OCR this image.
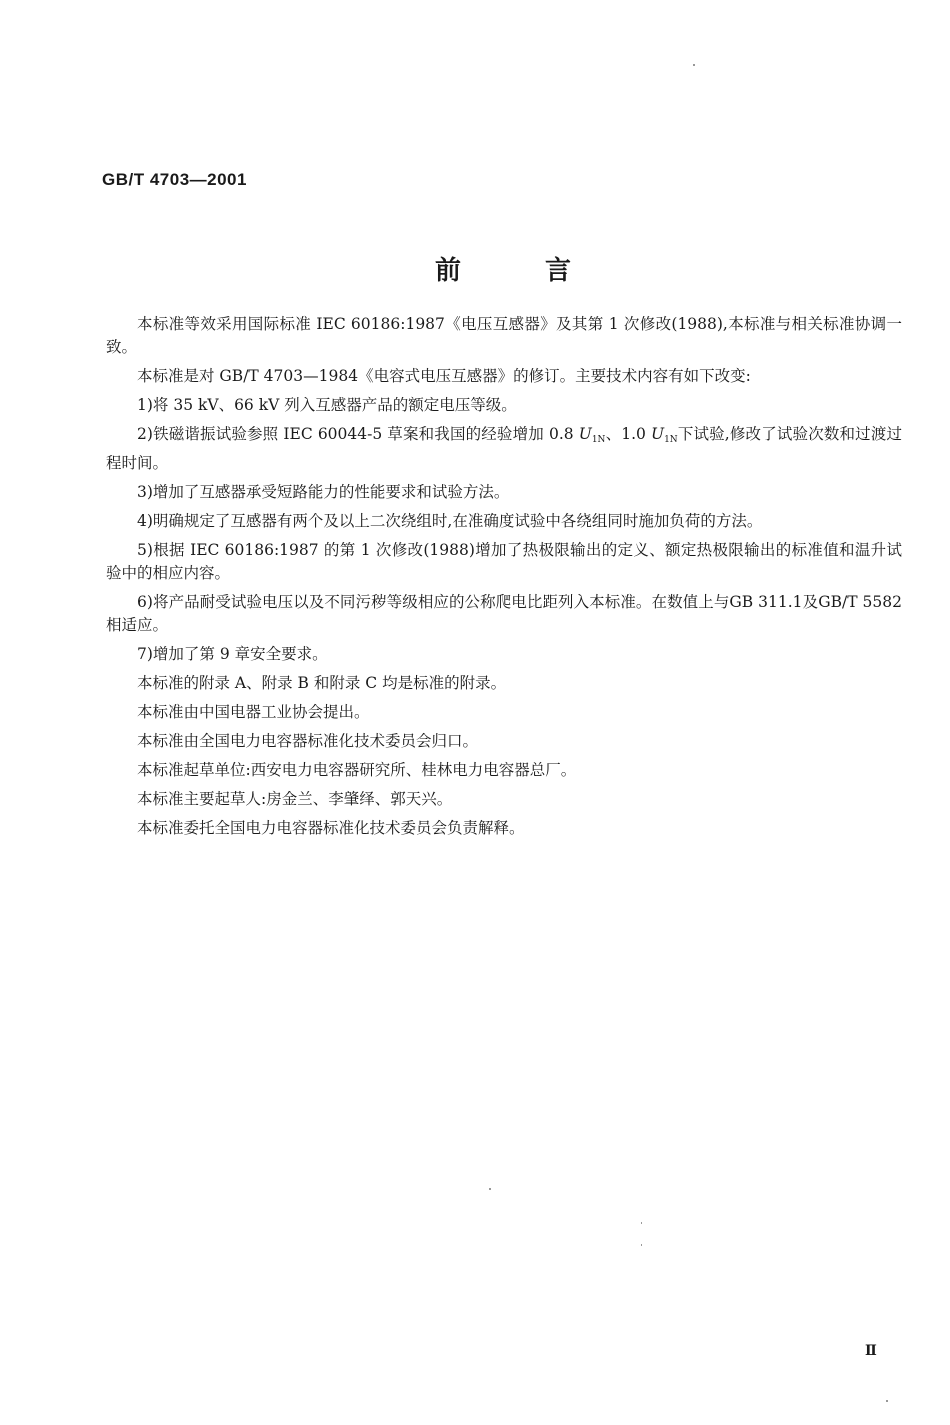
GB/T 4703—2001
前言

本标准等效采用国际标准 IEC 60186:1987《电压互感器》及其第 1 次修改(1988),本标准与相关标准协调一致。

本标准是对 GB/T 4703—1984《电容式电压互感器》的修订。主要技术内容有如下改变:

1)将 35 kV、66 kV 列入互感器产品的额定电压等级。

2)铁磁谐振试验参照 IEC 60044-5 草案和我国的经验增加 0.8 $U_{1N}$、1.0 $U_{1N}$下试验,修改了试验次数和过渡过程时间。

3)增加了互感器承受短路能力的性能要求和试验方法。

4)明确规定了互感器有两个及以上二次绕组时,在准确度试验中各绕组同时施加负荷的方法。

5)根据 IEC 60186:1987 的第 1 次修改(1988)增加了热极限输出的定义、额定热极限输出的标准值和温升试验中的相应内容。

6)将产品耐受试验电压以及不同污秽等级相应的公称爬电比距列入本标准。在数值上与GB 311.1及GB/T 5582相适应。

7)增加了第 9 章安全要求。

本标准的附录 A、附录 B 和附录 C 均是标准的附录。

本标准由中国电器工业协会提出。

本标准由全国电力电容器标准化技术委员会归口。

本标准起草单位:西安电力电容器研究所、桂林电力电容器总厂。

本标准主要起草人:房金兰、李肇绎、郭天兴。

本标准委托全国电力电容器标准化技术委员会负责解释。

Ⅱ
